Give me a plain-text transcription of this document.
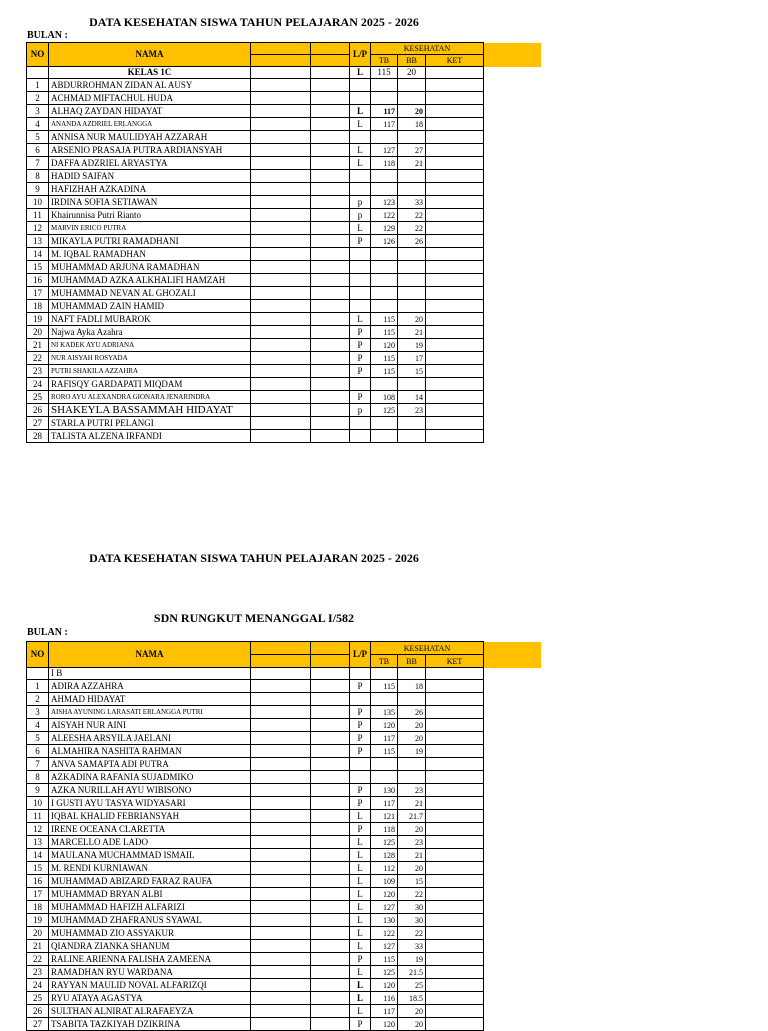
DATA KESEHATAN SISWA TAHUN PELAJARAN 2025 - 2026
BULAN :
NO	NAMA			L/P	KESEHATAN			
					TB	BB	KET	
	KELAS 1C			L	115	20		
1	ABDURROHMAN ZIDAN AL AUSY							
2	ACHMAD MIFTACHUL HUDA							
3	ALHAQ ZAYDAN HIDAYAT			L	117	20		
4	ANANDA AZDRIEL ERLANGGA			L	117	18		
5	ANNISA NUR MAULIDYAH AZZARAH							
6	ARSENIO PRASAJA PUTRA ARDIANSYAH			L	127	27		
7	DAFFA ADZRIEL ARYASTYA			L	118	21		
8	HADID SAIFAN							
9	HAFIZHAH AZKADINA							
10	IRDINA SOFIA SETIAWAN			p	123	33		
11	Khairunnisa Putri Rianto			p	122	22		
12	MARVIN ERICO PUTRA			L	129	22		
13	MIKAYLA PUTRI RAMADHANI			P	126	26		
14	M. IQBAL RAMADHAN							
15	MUHAMMAD ARJUNA RAMADHAN							
16	MUHAMMAD AZKA ALKHALIFI HAMZAH							
17	MUHAMMAD NEVAN AL GHOZALI							
18	MUHAMMAD ZAIN HAMID							
19	NAFT FADLI MUBAROK			L	115	20		
20	Najwa Ayka Azahra			P	115	21		
21	NI KADEK AYU ADRIANA			P	120	19		
22	NUR AISYAH ROSYADA			P	115	17		
23	PUTRI SHAKILA AZZAHRA			P	115	15		
24	RAFISQY GARDAPATI MIQDAM							
25	RORO AYU ALEXANDRA GIONARA JENARINDRA			P	108	14		
26	SHAKEYLA BASSAMMAH HIDAYAT			p	125	23		
27	STARLA PUTRI PELANGI							
28	TALISTA ALZENA IRFANDI							
DATA KESEHATAN SISWA TAHUN PELAJARAN 2025 - 2026
SDN RUNGKUT MENANGGAL I/582
BULAN :
NO	NAMA			L/P	KESEHATAN			
					TB	BB	KET	
	I B							
1	ADIRA AZZAHRA			P	115	18		
2	AHMAD HIDAYAT							
3	AISHA AYUNING LARASATI ERLANGGA PUTRI			P	135	26		
4	AISYAH NUR AINI			P	120	20		
5	ALEESHA ARSYILA JAELANI			P	117	20		
6	ALMAHIRA NASHITA RAHMAN			P	115	19		
7	ANVA SAMAPTA ADI PUTRA							
8	AZKADINA RAFANIA SUJADMIKO							
9	AZKA NURILLAH AYU WIBISONO			P	130	23		
10	I GUSTI AYU TASYA WIDYASARI			P	117	21		
11	IQBAL KHALID FEBRIANSYAH			L	121	21.7		
12	IRENE OCEANA CLARETTA			P	118	20		
13	MARCELLO ADE LADO			L	125	23		
14	MAULANA MUCHAMMAD ISMAIL			L	128	21		
15	M. RENDI KURNIAWAN			L	112	20		
16	MUHAMMAD ABIZARD FARAZ RAUFA			L	109	15		
17	MUHAMMAD BRYAN ALBI			L	120	22		
18	MUHAMMAD HAFIZH ALFARIZI			L	127	30		
19	MUHAMMAD ZHAFRANUS SYAWAL			L	130	30		
20	MUHAMMAD ZIO ASSYAKUR			L	122	22		
21	QIANDRA ZIANKA SHANUM			L	127	33		
22	RALINE ARIENNA FALISHA ZAMEENA			P	115	19		
23	RAMADHAN RYU WARDANA			L	125	21.5		
24	RAYYAN MAULID NOVAL ALFARIZQI			L	120	25		
25	RYU ATAYA AGASTYA			L	116	18.5		
26	SULTHAN ALNIRAT ALRAFAEYZA			L	117	20		
27	TSABITA TAZKIYAH DZIKRINA			P	120	20		
